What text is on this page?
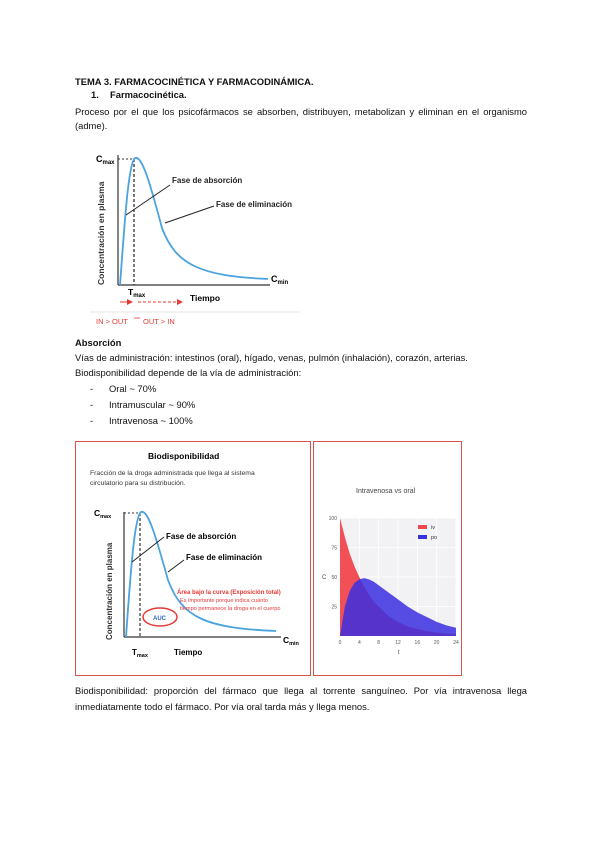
TEMA 3. FARMACOCINÉTICA Y FARMACODINÁMICA.
1. Farmacocinética.
Proceso por el que los psicofármacos se absorben, distribuyen, metabolizan y eliminan en el organismo (adme).
Concentración en plasma
$C_{max}$
Fase de absorción
Fase de eliminación
$C_{min}$
$T_{max}$	Tiempo
IN > OUT OUT > IN
Absorción
Vías de administración: intestinos (oral), hígado, venas, pulmón (inhalación), corazón, arterias.
Biodisponibilidad depende de la vía de administración:
- Oral ~ 70%
- Intramuscular ~ 90%
- Intravenosa ~ 100%
Biodisponibilidad
Fracción de la droga administrada que llega al sistema
circulatorio para su distribución.
Concentración en plasma
$C_{max}$
Fase de absorción
Fase de eliminación
Área bajo la curva (Exposición total)
Es importante porque indica cuánto
tiempo permanece la droga en el cuerpo
AUC
$C_{min}$
$T_{max}$	Tiempo
Intravenosa vs oral
0	4	8	12	16	20	24
25
50
75
100
C
t
iv
po
Biodisponibilidad: proporción del fármaco que llega al torrente sanguíneo. Por vía intravenosa llega inmediatamente todo el fármaco. Por vía oral tarda más y llega menos.
